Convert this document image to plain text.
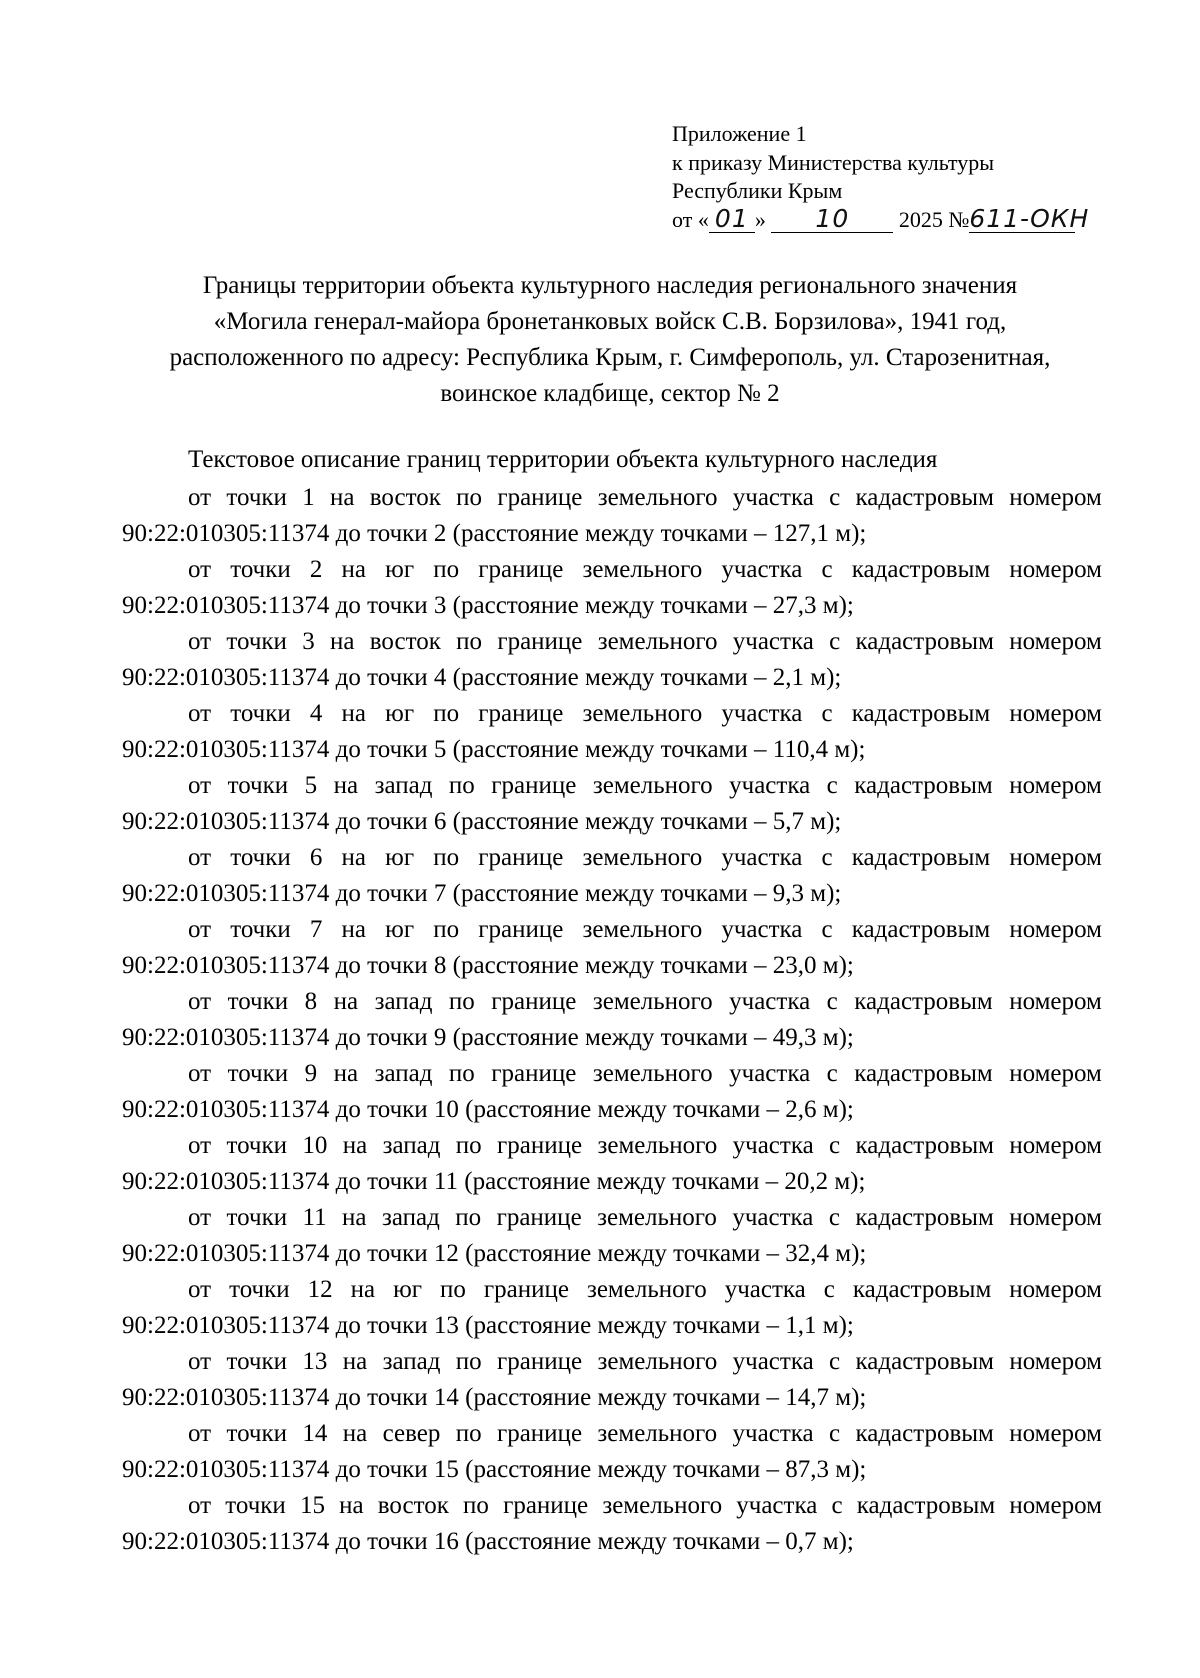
Приложение 1
к приказу Министерства культуры
Республики Крым
от « 01 » 10 2025 №611-ОКН
Границы территории объекта культурного наследия регионального значения
«Могила генерал-майора бронетанковых войск С.В. Борзилова», 1941 год,
расположенного по адресу: Республика Крым, г. Симферополь, ул. Старозенитная,
воинское кладбище, сектор № 2
Текстовое описание границ территории объекта культурного наследия
от точки 1 на восток по границе земельного участка с кадастровым номером
90:22:010305:11374 до точки 2 (расстояние между точками – 127,1 м);
от точки 2 на юг по границе земельного участка с кадастровым номером
90:22:010305:11374 до точки 3 (расстояние между точками – 27,3 м);
от точки 3 на восток по границе земельного участка с кадастровым номером
90:22:010305:11374 до точки 4 (расстояние между точками – 2,1 м);
от точки 4 на юг по границе земельного участка с кадастровым номером
90:22:010305:11374 до точки 5 (расстояние между точками – 110,4 м);
от точки 5 на запад по границе земельного участка с кадастровым номером
90:22:010305:11374 до точки 6 (расстояние между точками – 5,7 м);
от точки 6 на юг по границе земельного участка с кадастровым номером
90:22:010305:11374 до точки 7 (расстояние между точками – 9,3 м);
от точки 7 на юг по границе земельного участка с кадастровым номером
90:22:010305:11374 до точки 8 (расстояние между точками – 23,0 м);
от точки 8 на запад по границе земельного участка с кадастровым номером
90:22:010305:11374 до точки 9 (расстояние между точками – 49,3 м);
от точки 9 на запад по границе земельного участка с кадастровым номером
90:22:010305:11374 до точки 10 (расстояние между точками – 2,6 м);
от точки 10 на запад по границе земельного участка с кадастровым номером
90:22:010305:11374 до точки 11 (расстояние между точками – 20,2 м);
от точки 11 на запад по границе земельного участка с кадастровым номером
90:22:010305:11374 до точки 12 (расстояние между точками – 32,4 м);
от точки 12 на юг по границе земельного участка с кадастровым номером
90:22:010305:11374 до точки 13 (расстояние между точками – 1,1 м);
от точки 13 на запад по границе земельного участка с кадастровым номером
90:22:010305:11374 до точки 14 (расстояние между точками – 14,7 м);
от точки 14 на север по границе земельного участка с кадастровым номером
90:22:010305:11374 до точки 15 (расстояние между точками – 87,3 м);
от точки 15 на восток по границе земельного участка с кадастровым номером
90:22:010305:11374 до точки 16 (расстояние между точками – 0,7 м);
